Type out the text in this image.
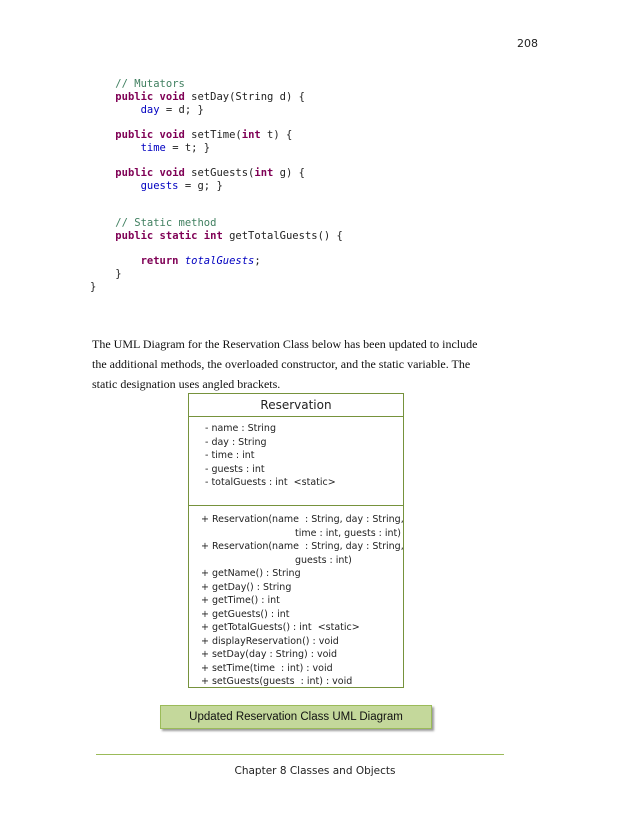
208
// Mutators
public void setDay(String d) {
day = d; }
public void setTime(int t) {
time = t; }
public void setGuests(int g) {
guests = g; }
// Static method
public static int getTotalGuests() {
return totalGuests;
}
}
The UML Diagram for the Reservation Class below has been updated to include
the additional methods, the overloaded constructor, and the static variable. The
static designation uses angled brackets.
Reservation
- name : String
- day : String
- time : int
- guests : int
- totalGuests : int  <static>
+ Reservation(name  : String, day : String,
time : int, guests : int)
+ Reservation(name  : String, day : String,
guests : int)
+ getName() : String
+ getDay() : String
+ getTime() : int
+ getGuests() : int
+ getTotalGuests() : int  <static>
+ displayReservation() : void
+ setDay(day : String) : void
+ setTime(time  : int) : void
+ setGuests(guests  : int) : void
Updated Reservation Class UML Diagram
Chapter 8 Classes and Objects
